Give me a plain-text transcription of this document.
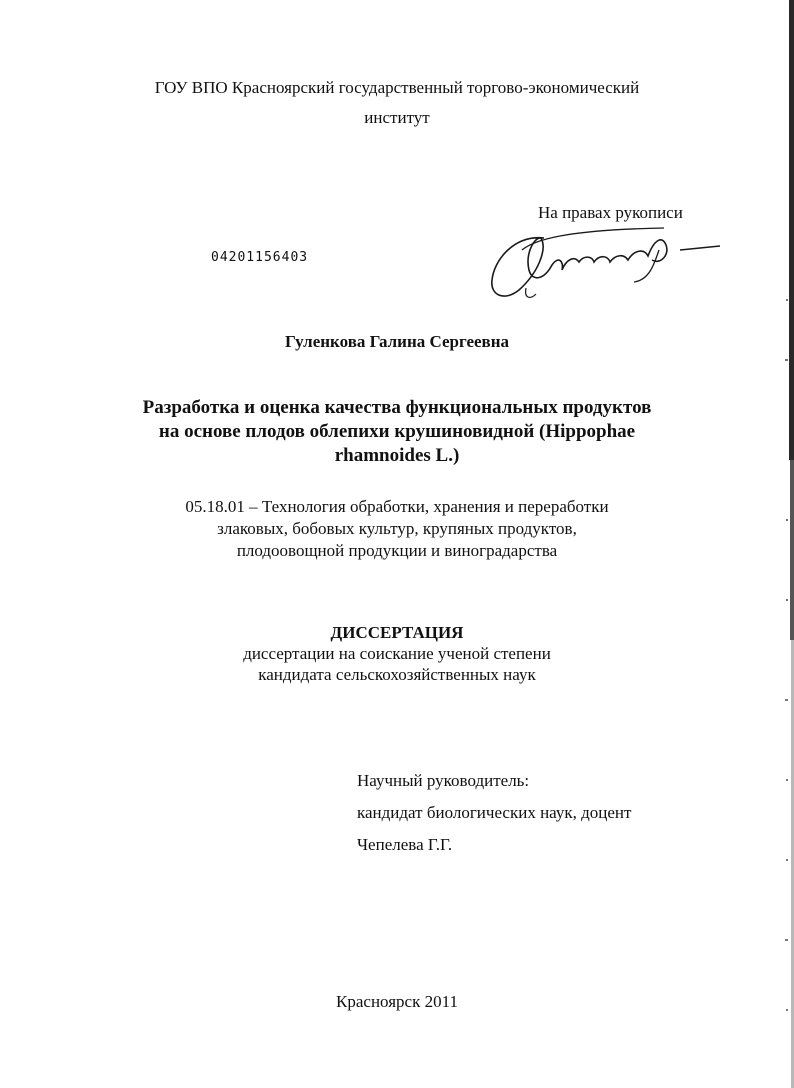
ГОУ ВПО Красноярский государственный торгово-экономический
институт
На правах рукописи
04201156403
Гуленкова Галина Сергеевна
Разработка и оценка качества функциональных продуктов
на основе плодов облепихи крушиновидной (Hippophae
rhamnoides L.)
05.18.01 – Технология обработки, хранения и переработки
злаковых, бобовых культур, крупяных продуктов,
плодоовощной продукции и виноградарства
ДИССЕРТАЦИЯ
диссертации на соискание ученой степени
кандидата сельскохозяйственных наук
Научный руководитель:
кандидат биологических наук, доцент
Чепелева Г.Г.
Красноярск 2011
